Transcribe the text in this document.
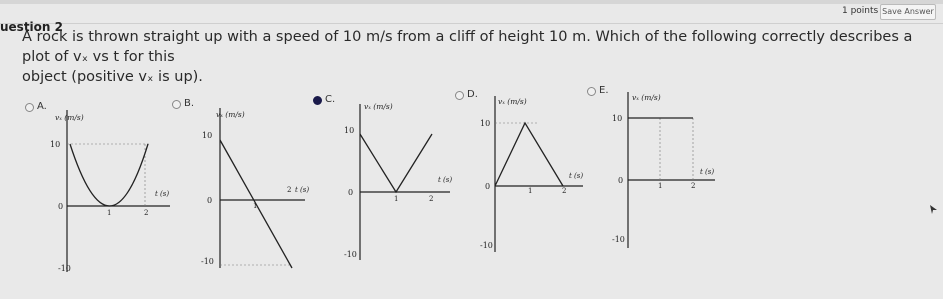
uestion 2
1 points Save Answer
A rock is thrown straight up with a speed of 10 m/s from a cliff of height 10 m. Which of the following correctly describes a plot of vₓ vs t for this
object (positive vₓ is up).
A.
vₓ (m/s)
10
0
-10
1	2
t (s)
B.
vₓ (m/s)
10
0
-10
1
2 t (s)
C.
vₓ (m/s)
10
0
-10
1	2
t (s)
D.
vₓ (m/s)
10
0
-10
1	2
t (s)
E.
vₓ (m/s)
10
0
-10
1	2
t (s)
